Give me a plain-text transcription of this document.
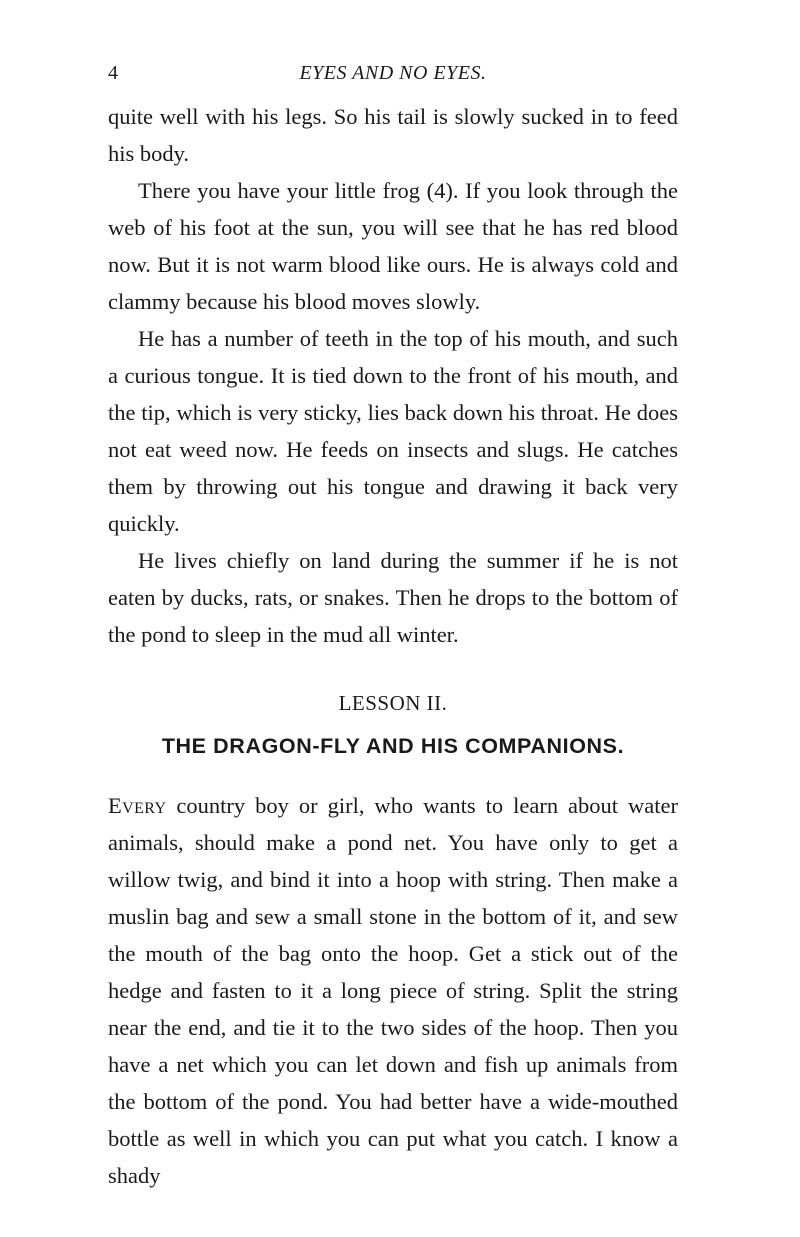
4	EYES AND NO EYES.

quite well with his legs. So his tail is slowly sucked in to feed his body.

There you have your little frog (4). If you look through the web of his foot at the sun, you will see that he has red blood now. But it is not warm blood like ours. He is always cold and clammy because his blood moves slowly.

He has a number of teeth in the top of his mouth, and such a curious tongue. It is tied down to the front of his mouth, and the tip, which is very sticky, lies back down his throat. He does not eat weed now. He feeds on insects and slugs. He catches them by throwing out his tongue and drawing it back very quickly.

He lives chiefly on land during the summer if he is not eaten by ducks, rats, or snakes. Then he drops to the bottom of the pond to sleep in the mud all winter.

LESSON II.
THE DRAGON-FLY AND HIS COMPANIONS.

Every country boy or girl, who wants to learn about water animals, should make a pond net. You have only to get a willow twig, and bind it into a hoop with string. Then make a muslin bag and sew a small stone in the bottom of it, and sew the mouth of the bag onto the hoop. Get a stick out of the hedge and fasten to it a long piece of string. Split the string near the end, and tie it to the two sides of the hoop. Then you have a net which you can let down and fish up animals from the bottom of the pond. You had better have a wide-mouthed bottle as well in which you can put what you catch. I know a shady
